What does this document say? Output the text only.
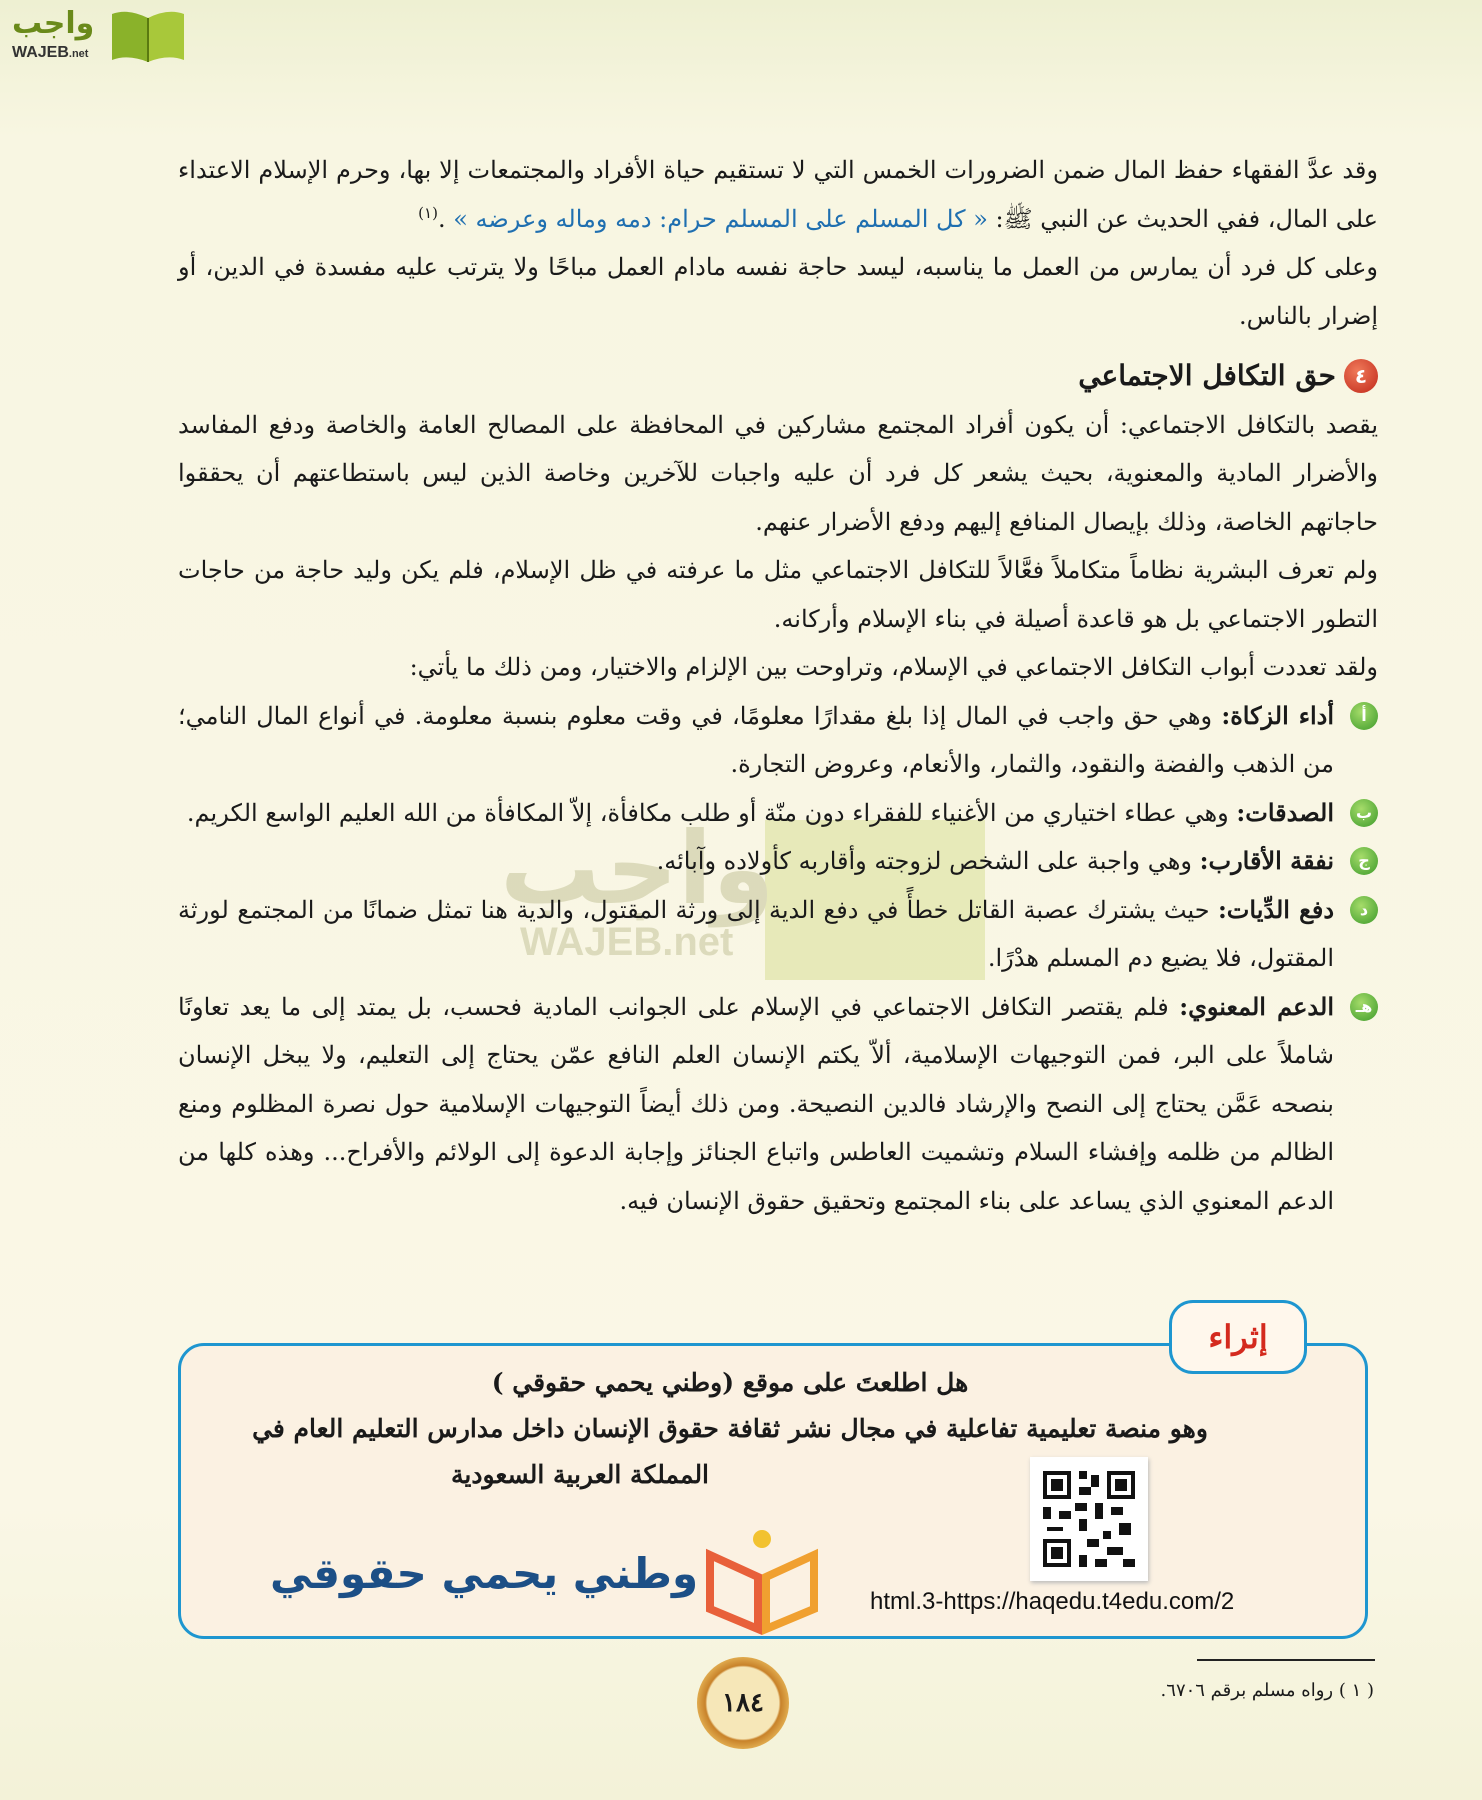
واجب
WAJEB.net
واجب
WAJEB.net

وقد عدَّ الفقهاء حفظ المال ضمن الضرورات الخمس التي لا تستقيم حياة الأفراد والمجتمعات إلا بها، وحرم الإسلام الاعتداء على المال، ففي الحديث عن النبي ﷺ: « كل المسلم على المسلم حرام: دمه وماله وعرضه » .$^{(١)}$

وعلى كل فرد أن يمارس من العمل ما يناسبه، ليسد حاجة نفسه مادام العمل مباحًا ولا يترتب عليه مفسدة في الدين، أو إضرار بالناس.

٤
حق التكافل الاجتماعي

يقصد بالتكافل الاجتماعي: أن يكون أفراد المجتمع مشاركين في المحافظة على المصالح العامة والخاصة ودفع المفاسد والأضرار المادية والمعنوية، بحيث يشعر كل فرد أن عليه واجبات للآخرين وخاصة الذين ليس باستطاعتهم أن يحققوا حاجاتهم الخاصة، وذلك بإيصال المنافع إليهم ودفع الأضرار عنهم.

ولم تعرف البشرية نظاماً متكاملاً فعَّالاً للتكافل الاجتماعي مثل ما عرفته في ظل الإسلام، فلم يكن وليد حاجة من حاجات التطور الاجتماعي بل هو قاعدة أصيلة في بناء الإسلام وأركانه.

ولقد تعددت أبواب التكافل الاجتماعي في الإسلام، وتراوحت بين الإلزام والاختيار، ومن ذلك ما يأتي:

أ
أداء الزكاة: وهي حق واجب في المال إذا بلغ مقدارًا معلومًا، في وقت معلوم بنسبة معلومة. في أنواع المال النامي؛ من الذهب والفضة والنقود، والثمار، والأنعام، وعروض التجارة.

ب
الصدقات: وهي عطاء اختياري من الأغنياء للفقراء دون منّة أو طلب مكافأة، إلاّ المكافأة من الله العليم الواسع الكريم.

ج
نفقة الأقارب: وهي واجبة على الشخص لزوجته وأقاربه كأولاده وآبائه.

د
دفع الدِّيات: حيث يشترك عصبة القاتل خطأً في دفع الدية إلى ورثة المقتول، والدية هنا تمثل ضمانًا من المجتمع لورثة المقتول، فلا يضيع دم المسلم هدْرًا.

هـ
الدعم المعنوي: فلم يقتصر التكافل الاجتماعي في الإسلام على الجوانب المادية فحسب، بل يمتد إلى ما يعد تعاونًا شاملاً على البر، فمن التوجيهات الإسلامية، ألاّ يكتم الإنسان العلم النافع عمّن يحتاج إلى التعليم، ولا يبخل الإنسان بنصحه عَمَّن يحتاج إلى النصح والإرشاد فالدين النصيحة. ومن ذلك أيضاً التوجيهات الإسلامية حول نصرة المظلوم ومنع الظالم من ظلمه وإفشاء السلام وتشميت العاطس واتباع الجنائز وإجابة الدعوة إلى الولائم والأفراح... وهذه كلها من الدعم المعنوي الذي يساعد على بناء المجتمع وتحقيق حقوق الإنسان فيه.

إثراء
هل اطلعتَ على موقع (وطني يحمي حقوقي )
وهو منصة تعليمية تفاعلية في مجال نشر ثقافة حقوق الإنسان داخل مدارس التعليم العام في
المملكة العربية السعودية
وطني يحمي حقوقي
html.3-https://haqedu.t4edu.com/2
( ١ ) رواه مسلم برقم ٦٧٠٦.
١٨٤
